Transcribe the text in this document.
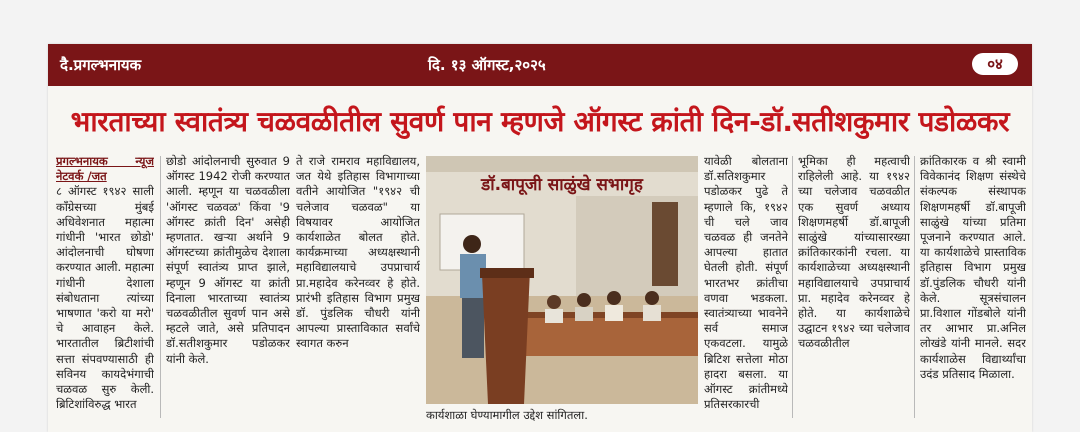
दै.प्रगल्भनायक	दि. १३ ऑगस्ट,२०२५	०४
भारताच्या स्वातंत्र्य चळवळीतील सुवर्ण पान म्हणजे ऑगस्ट क्रांती दिन-डॉ.सतीशकुमार पडोळकर

प्रगल्भनायक न्यूज नेटवर्क /जत

८ ऑगस्ट १९४२ साली काँग्रेसच्या मुंबई अधिवेशनात महात्मा गांधीनी 'भारत छोडो' आंदोलनाची घोषणा करण्यात आली. महात्मा गांधीनी देशाला संबोधताना त्यांच्या भाषणात 'करो या मरो' चे आवाहन केले. भारतातील ब्रिटीशांची सत्ता संपवण्यासाठी ही सविनय कायदेभंगाची चळवळ सुरु केली. ब्रिटिशांविरुद्ध भारत

छोडो आंदोलनाची सुरुवात 9 ऑगस्ट 1942 रोजी करण्यात आली. म्हणून या चळवळीला 'ऑगस्ट चळवळ' किंवा '9 ऑगस्ट क्रांती दिन' असेही म्हणतात. खऱ्या अर्थाने 9 ऑगस्टच्या क्रांतीमुळेच देशाला संपूर्ण स्वातंत्र्य प्राप्त झाले, म्हणून 9 ऑगस्ट या क्रांती दिनाला भारताच्या स्वातंत्र्य चळवळीतील सुवर्ण पान असे म्हटले जाते, असे प्रतिपादन डॉ.सतीशकुमार पडोळकर यांनी केले.

ते राजे रामराव महाविद्यालय, जत येथे इतिहास विभागाच्या वतीने आयोजित "१९४२ ची चलेजाव चळवळ" या विषयावर आयोजित कार्यशाळेत बोलत होते. कार्यक्रमाच्या अध्यक्षस्थानी महाविद्यालयाचे उपप्राचार्य प्रा.महादेव करेनव्वर हे होते. प्रारंभी इतिहास विभाग प्रमुख डॉ. पुंडलिक चौधरी यांनी आपल्या प्रास्ताविकात सर्वांचे स्वागत करुन

डॉ.बापूजी साळुंखे सभागृह
कार्यशाळा घेण्यामागील उद्देश सांगितला.

यावेळी बोलताना डॉ.सतिशकुमार पडोळकर पुढे ते म्हणाले कि, १९४२ ची चले जाव चळवळ ही जनतेने आपल्या हातात घेतली होती. संपूर्ण भारतभर क्रांतीचा वणवा भडकला. स्वातंत्र्याच्या भावनेने सर्व समाज एकवटला. यामुळे ब्रिटिश सत्तेला मोठा हादरा बसला. या ऑगस्ट क्रांतीमध्ये प्रतिसरकारची

भूमिका ही महत्वाची राहिलेली आहे. या १९४२ च्या चलेजाव चळवळीत एक सुवर्ण अध्याय शिक्षणमहर्षी डॉ.बापूजी साळुंखे यांच्यासारख्या क्रांतिकारकांनी रचला. या कार्यशाळेच्या अध्यक्षस्थानी महाविद्यालयाचे उपप्राचार्य प्रा. महादेव करेनव्वर हे होते. या कार्यशाळेचे उद्घाटन १९४२ च्या चलेजाव चळवळीतील

क्रांतिकारक व श्री स्वामी विवेकानंद शिक्षण संस्थेचे संकल्पक संस्थापक शिक्षणमहर्षी डॉ.बापूजी साळुंखे यांच्या प्रतिमा पूजनाने करण्यात आले. या कार्यशाळेचे प्रास्ताविक इतिहास विभाग प्रमुख डॉ.पुंडलिक चौधरी यांनी केले. सूत्रसंचालन प्रा.विशाल गोंडबोले यांनी तर आभार प्रा.अनिल लोखंडे यांनी मानले. सदर कार्यशाळेस विद्यार्थ्यांचा उदंड प्रतिसाद मिळाला.
